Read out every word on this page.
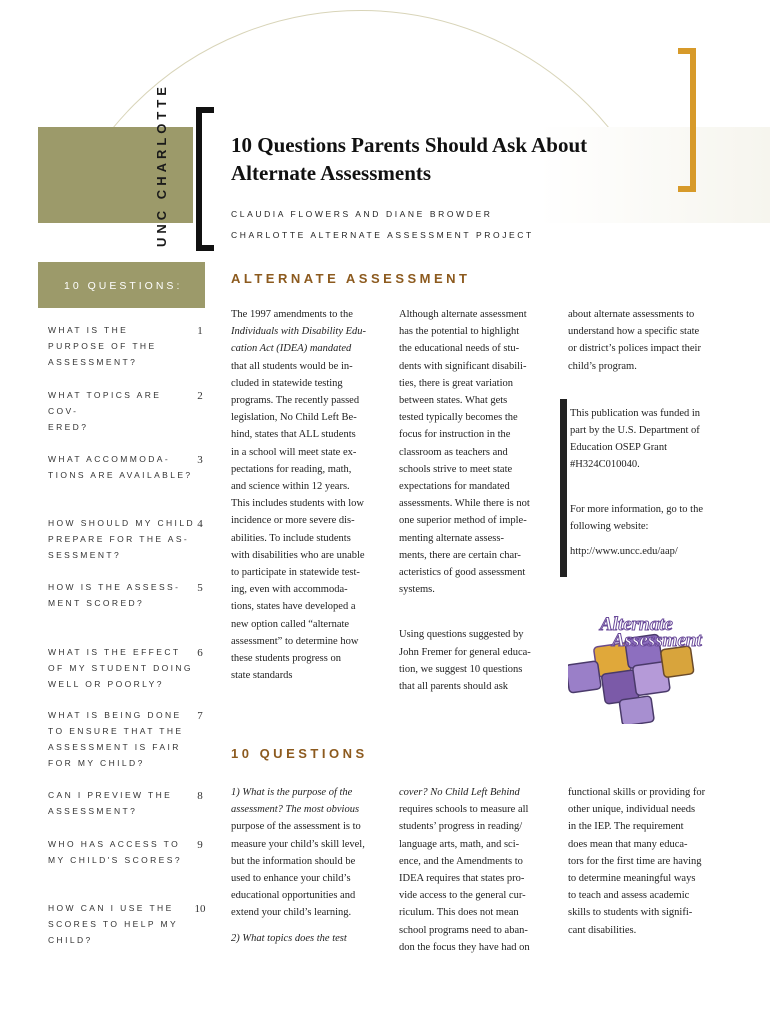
UNC CHARLOTTE	10 Questions Parents Should Ask About
Alternate Assessments
CLAUDIA FLOWERS AND DIANE BROWDER
CHARLOTTE ALTERNATE ASSESSMENT PROJECT
10 QUESTIONS:
WHAT IS THE
PURPOSE OF THE
ASSESSMENT?
1
WHAT TOPICS ARE COV-
ERED?
2
WHAT ACCOMMODA-
TIONS ARE AVAILABLE?
3
HOW SHOULD MY CHILD
PREPARE FOR THE AS-
SESSMENT?
4
HOW IS THE ASSESS-
MENT SCORED?
5
WHAT IS THE EFFECT
OF MY STUDENT DOING
WELL OR POORLY?
6
WHAT IS BEING DONE
TO ENSURE THAT THE
ASSESSMENT IS FAIR
FOR MY CHILD?
7
CAN I PREVIEW THE
ASSESSMENT?
8
WHO HAS ACCESS TO
MY CHILD'S SCORES?
9
HOW CAN I USE THE
SCORES TO HELP MY
CHILD?
10
ALTERNATE ASSESSMENT
The 1997 amendments to the
Individuals with Disability Edu-
cation Act (IDEA) mandated
that all students would be in-
cluded in statewide testing
programs. The recently passed
legislation, No Child Left Be-
hind, states that ALL students
in a school will meet state ex-
pectations for reading, math,
and science within 12 years.
This includes students with low
incidence or more severe dis-
abilities. To include students
with disabilities who are unable
to participate in statewide test-
ing, even with accommoda-
tions, states have developed a
new option called “alternate
assessment” to determine how
these students progress on
state standards
Although alternate assessment
has the potential to highlight
the educational needs of stu-
dents with significant disabili-
ties, there is great variation
between states. What gets
tested typically becomes the
focus for instruction in the
classroom as teachers and
schools strive to meet state
expectations for mandated
assessments. While there is not
one superior method of imple-
menting alternate assess-
ments, there are certain char-
acteristics of good assessment
systems.
Using questions suggested by
John Fremer for general educa-
tion, we suggest 10 questions
that all parents should ask
about alternate assessments to
understand how a specific state
or district’s polices impact their
child’s program.
This publication was funded in
part by the U.S. Department of
Education OSEP Grant
#H324C010040.
For more information, go to the
following website:
http://www.uncc.edu/aap/
Alternate
Assessment
10 QUESTIONS
1) What is the purpose of the
assessment? The most obvious
purpose of the assessment is to
measure your child’s skill level,
but the information should be
used to enhance your child’s
educational opportunities and
extend your child’s learning.
2) What topics does the test
cover? No Child Left Behind
requires schools to measure all
students’ progress in reading/
language arts, math, and sci-
ence, and the Amendments to
IDEA requires that states pro-
vide access to the general cur-
riculum. This does not mean
school programs need to aban-
don the focus they have had on
functional skills or providing for
other unique, individual needs
in the IEP. The requirement
does mean that many educa-
tors for the first time are having
to determine meaningful ways
to teach and assess academic
skills to students with signifi-
cant disabilities.
